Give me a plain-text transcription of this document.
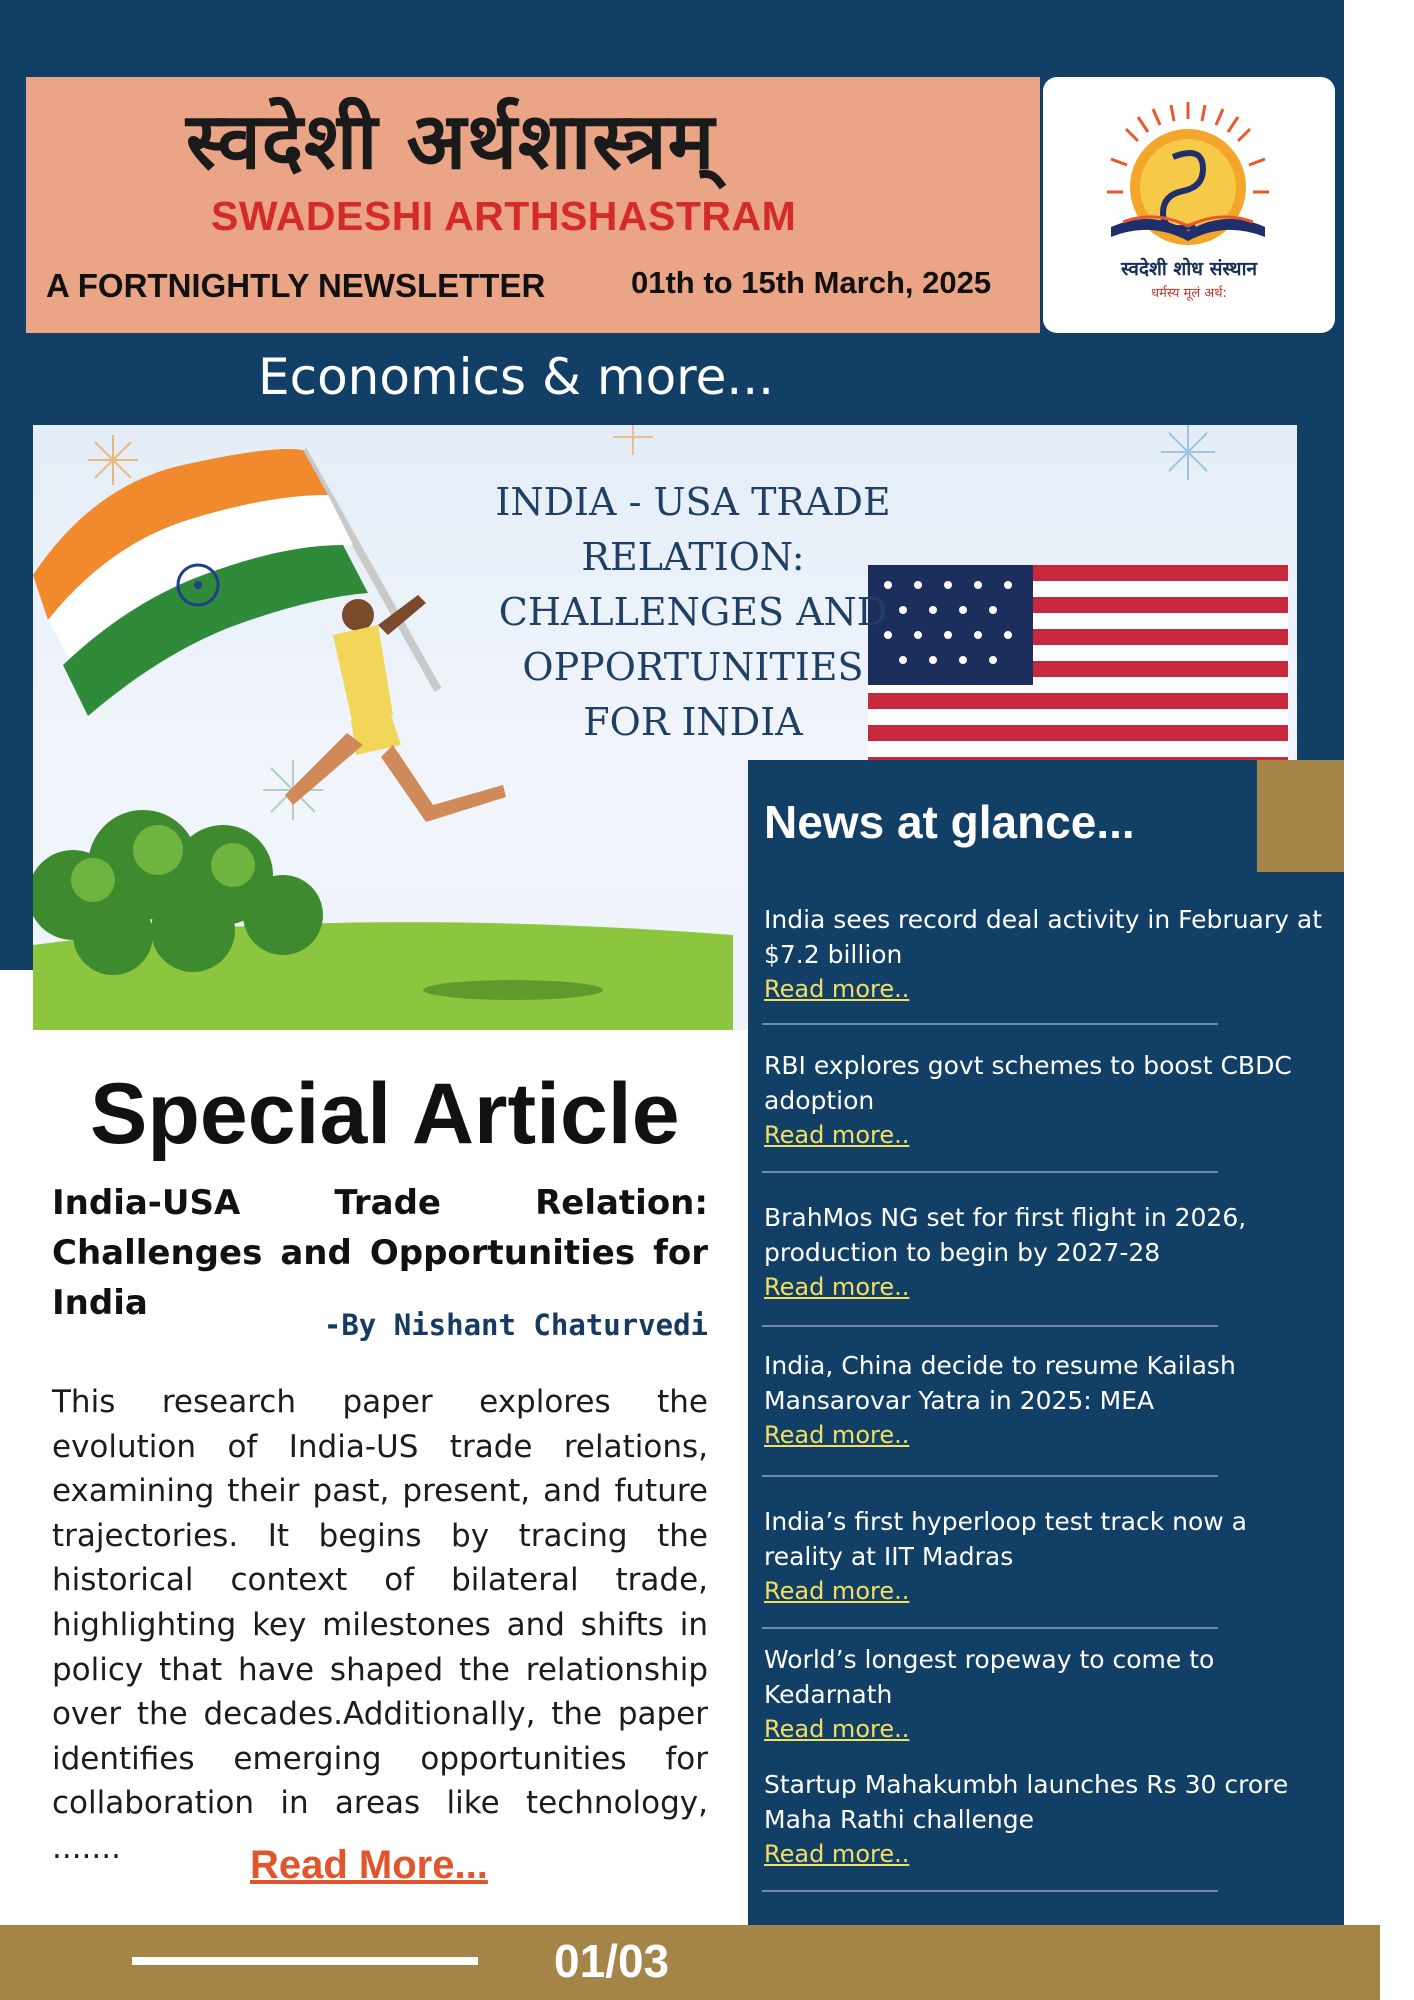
स्वदेशी अर्थशास्त्रम्
SWADESHI ARTHSHASTRAM
A FORTNIGHTLY NEWSLETTER	01th to 15th March, 2025	स्वदेशी शोध संस्थान
धर्मस्य मूलं अर्थ:
Economics & more...
INDIA - USA TRADE
RELATION:
CHALLENGES AND
OPPORTUNITIES
FOR INDIA
News at glance...
India sees record deal activity in February at $7.2 billion
Read more..
RBI explores govt schemes to boost CBDC adoption
Read more..
BrahMos NG set for first flight in 2026, production to begin by 2027-28
Read more..
India, China decide to resume Kailash Mansarovar Yatra in 2025: MEA
Read more..
India’s first hyperloop test track now a reality at IIT Madras
Read more..
World’s longest ropeway to come to Kedarnath
Read more..
Startup Mahakumbh launches Rs 30 crore Maha Rathi challenge
Read more..
Special Article
India-USA Trade Relation: Challenges and Opportunities for India
-By Nishant Chaturvedi
This research paper explores the evolution of India-US trade relations, examining their past, present, and future trajectories. It begins by tracing the historical context of bilateral trade, highlighting key milestones and shifts in policy that have shaped the relationship over the decades.Additionally, the paper identifies emerging opportunities for collaboration in areas like technology, .......	Read More...
01/03
